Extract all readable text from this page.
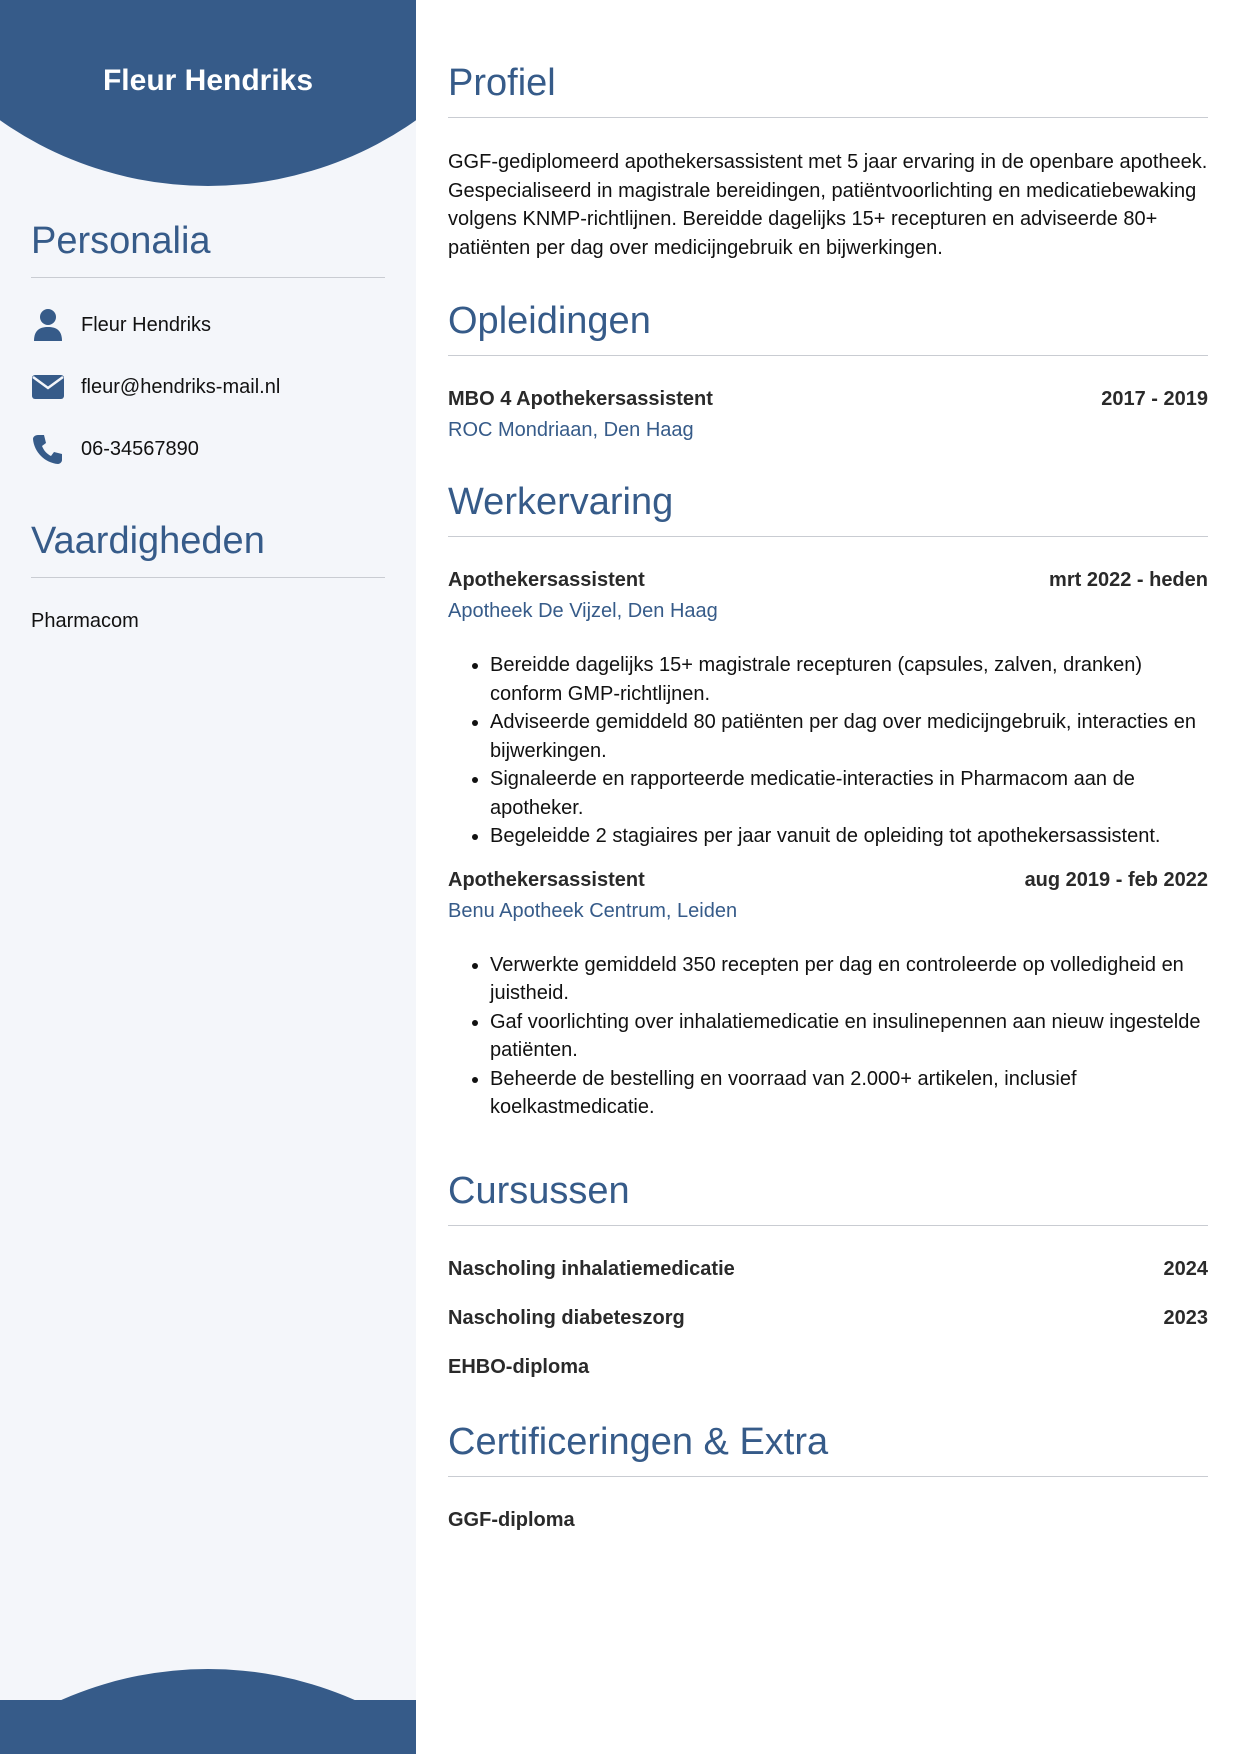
Fleur Hendriks
Personalia
Fleur Hendriks
fleur@hendriks-mail.nl
06-34567890
Vaardigheden
Pharmacom
Profiel

GGF-gediplomeerd apothekersassistent met 5 jaar ervaring in de openbare apotheek. Gespecialiseerd in magistrale bereidingen, patiëntvoorlichting en medicatiebewaking volgens KNMP-richtlijnen. Bereidde dagelijks 15+ recepturen en adviseerde 80+ patiënten per dag over medicijngebruik en bijwerkingen.

Opleidingen
MBO 4 Apothekersassistent	2017 - 2019
ROC Mondriaan, Den Haag
Werkervaring
Apothekersassistent	mrt 2022 - heden
Apotheek De Vijzel, Den Haag
• Bereidde dagelijks 15+ magistrale recepturen (capsules, zalven, dranken) conform GMP-richtlijnen.
• Adviseerde gemiddeld 80 patiënten per dag over medicijngebruik, interacties en bijwerkingen.
• Signaleerde en rapporteerde medicatie-interacties in Pharmacom aan de apotheker.
• Begeleidde 2 stagiaires per jaar vanuit de opleiding tot apothekersassistent.
Apothekersassistent	aug 2019 - feb 2022
Benu Apotheek Centrum, Leiden
• Verwerkte gemiddeld 350 recepten per dag en controleerde op volledigheid en juistheid.
• Gaf voorlichting over inhalatiemedicatie en insulinepennen aan nieuw ingestelde patiënten.
• Beheerde de bestelling en voorraad van 2.000+ artikelen, inclusief koelkastmedicatie.
Cursussen
Nascholing inhalatiemedicatie	2024
Nascholing diabeteszorg	2023
EHBO-diploma
Certificeringen & Extra
GGF-diploma
